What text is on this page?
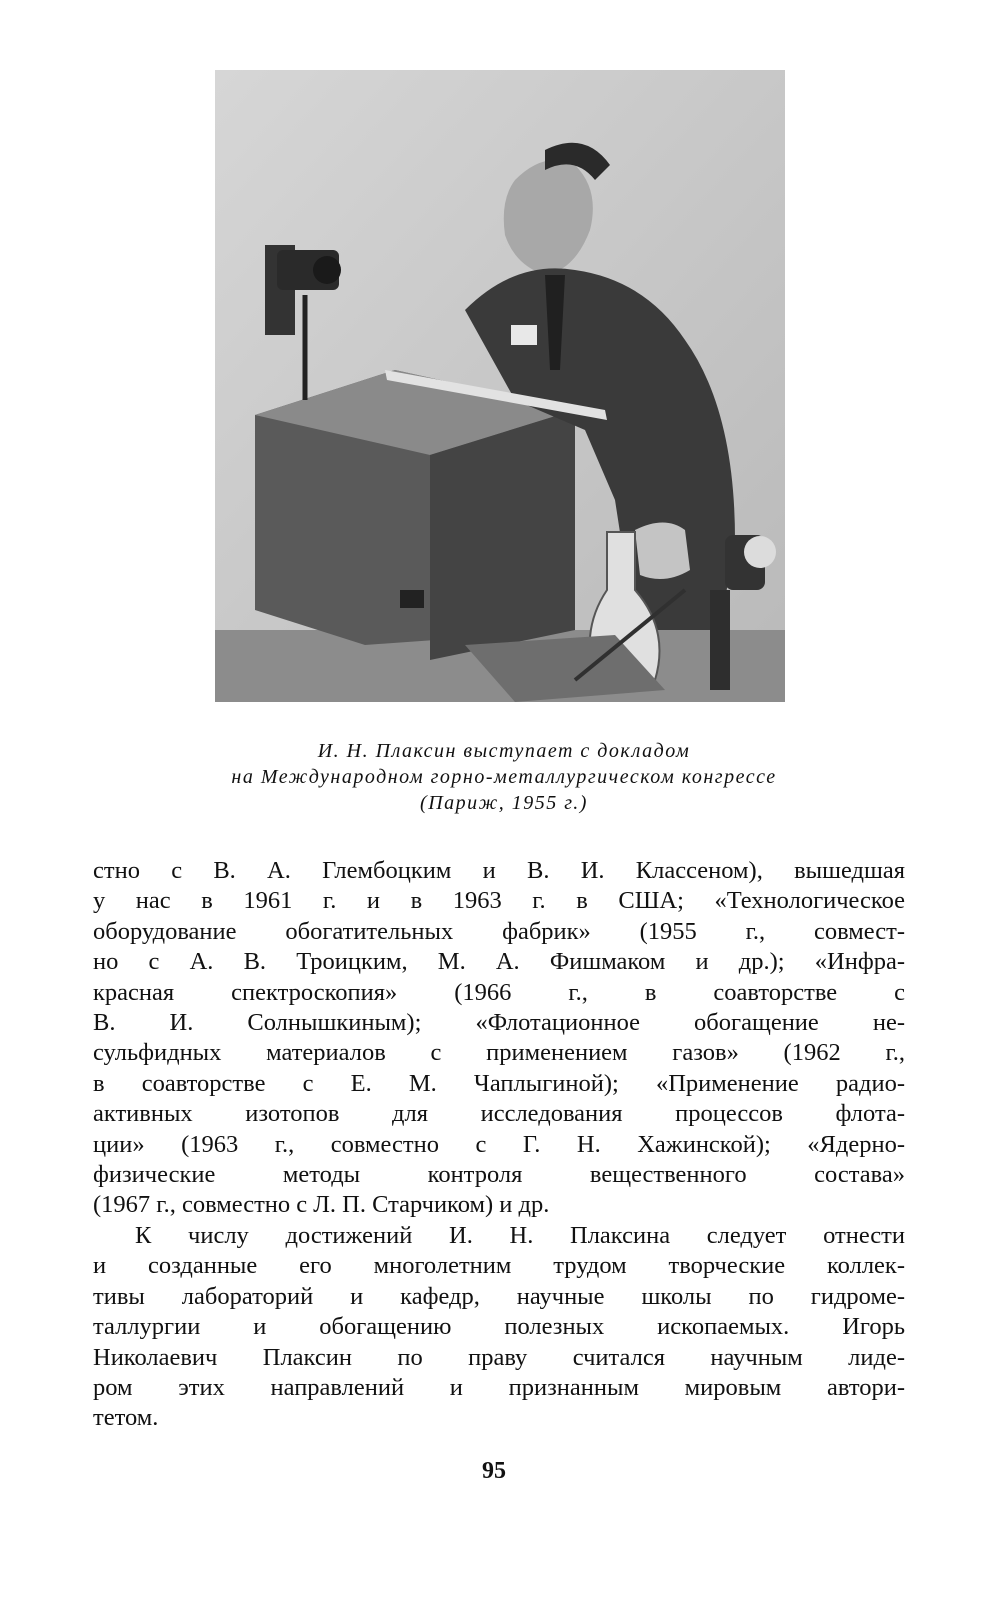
И. Н. Плаксин выступает с докладом
на Международном горно-металлургическом конгрессе
(Париж, 1955 г.)
стно с В. А. Глембоцким и В. И. Классеном), вышедшая
у нас в 1961 г. и в 1963 г. в США; «Технологическое
оборудование обогатительных фабрик» (1955 г., совмест-
но с А. В. Троицким, М. А. Фишмаком и др.); «Инфра-
красная спектроскопия» (1966 г., в соавторстве с
В. И. Солнышкиным); «Флотационное обогащение не-
сульфидных материалов с применением газов» (1962 г.,
в соавторстве с Е. М. Чаплыгиной); «Применение радио-
активных изотопов для исследования процессов флота-
ции» (1963 г., совместно с Г. Н. Хажинской); «Ядерно-
физические методы контроля вещественного состава»
(1967 г., совместно с Л. П. Старчиком) и др.
К числу достижений И. Н. Плаксина следует отнести
и созданные его многолетним трудом творческие коллек-
тивы лабораторий и кафедр, научные школы по гидроме-
таллургии и обогащению полезных ископаемых. Игорь
Николаевич Плаксин по праву считался научным лиде-
ром этих направлений и признанным мировым автори-
тетом.
95
